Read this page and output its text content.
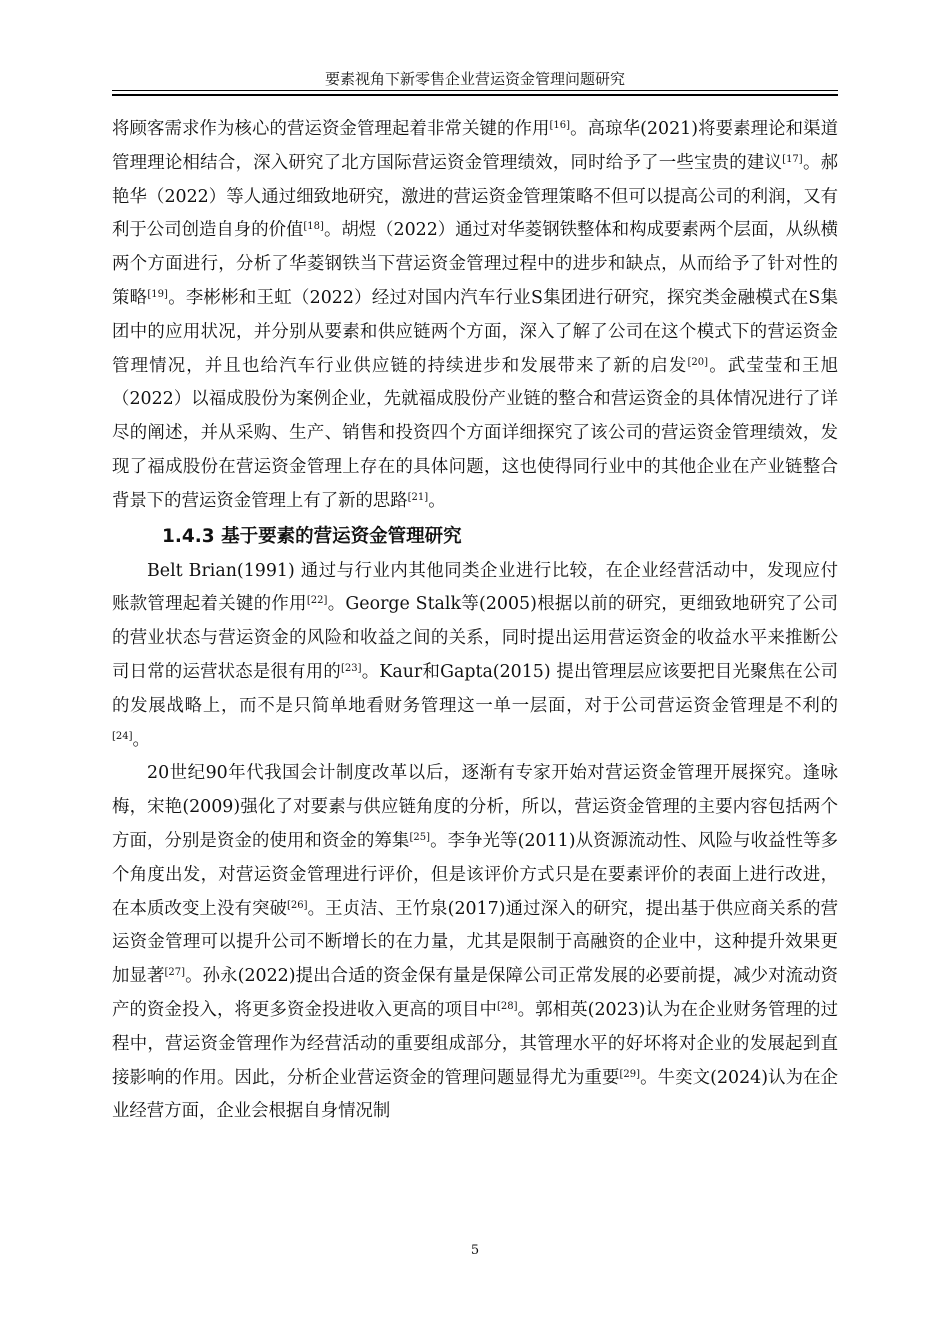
要素视角下新零售企业营运资金管理问题研究

将顾客需求作为核心的营运资金管理起着非常关键的作用[16]。高琼华(2021)将要素理论和渠道管理理论相结合，深入研究了北方国际营运资金管理绩效，同时给予了一些宝贵的建议[17]。郝艳华（2022）等人通过细致地研究，激进的营运资金管理策略不但可以提高公司的利润，又有利于公司创造自身的价值[18]。胡煜（2022）通过对华菱钢铁整体和构成要素两个层面，从纵横两个方面进行，分析了华菱钢铁当下营运资金管理过程中的进步和缺点，从而给予了针对性的策略[19]。李彬彬和王虹（2022）经过对国内汽车行业S集团进行研究，探究类金融模式在S集团中的应用状况，并分别从要素和供应链两个方面，深入了解了公司在这个模式下的营运资金管理情况，并且也给汽车行业供应链的持续进步和发展带来了新的启发[20]。武莹莹和王旭（2022）以福成股份为案例企业，先就福成股份产业链的整合和营运资金的具体情况进行了详尽的阐述，并从采购、生产、销售和投资四个方面详细探究了该公司的营运资金管理绩效，发现了福成股份在营运资金管理上存在的具体问题，这也使得同行业中的其他企业在产业链整合背景下的营运资金管理上有了新的思路[21]。

1.4.3 基于要素的营运资金管理研究

Belt Brian(1991) 通过与行业内其他同类企业进行比较，在企业经营活动中，发现应付账款管理起着关键的作用[22]。George Stalk等(2005)根据以前的研究，更细致地研究了公司的营业状态与营运资金的风险和收益之间的关系，同时提出运用营运资金的收益水平来推断公司日常的运营状态是很有用的[23]。Kaur和Gapta(2015) 提出管理层应该要把目光聚焦在公司的发展战略上，而不是只简单地看财务管理这一单一层面，对于公司营运资金管理是不利的[24]。

20世纪90年代我国会计制度改革以后，逐渐有专家开始对营运资金管理开展探究。逢咏梅，宋艳(2009)强化了对要素与供应链角度的分析，所以，营运资金管理的主要内容包括两个方面，分别是资金的使用和资金的筹集[25]。李争光等(2011)从资源流动性、风险与收益性等多个角度出发，对营运资金管理进行评价，但是该评价方式只是在要素评价的表面上进行改进，在本质改变上没有突破[26]。王贞洁、王竹泉(2017)通过深入的研究，提出基于供应商关系的营运资金管理可以提升公司不断增长的在力量，尤其是限制于高融资的企业中，这种提升效果更加显著[27]。孙永(2022)提出合适的资金保有量是保障公司正常发展的必要前提，减少对流动资产的资金投入，将更多资金投进收入更高的项目中[28]。郭相英(2023)认为在企业财务管理的过程中，营运资金管理作为经营活动的重要组成部分，其管理水平的好坏将对企业的发展起到直接影响的作用。因此，分析企业营运资金的管理问题显得尤为重要[29]。牛奕文(2024)认为在企业经营方面，企业会根据自身情况制

5
